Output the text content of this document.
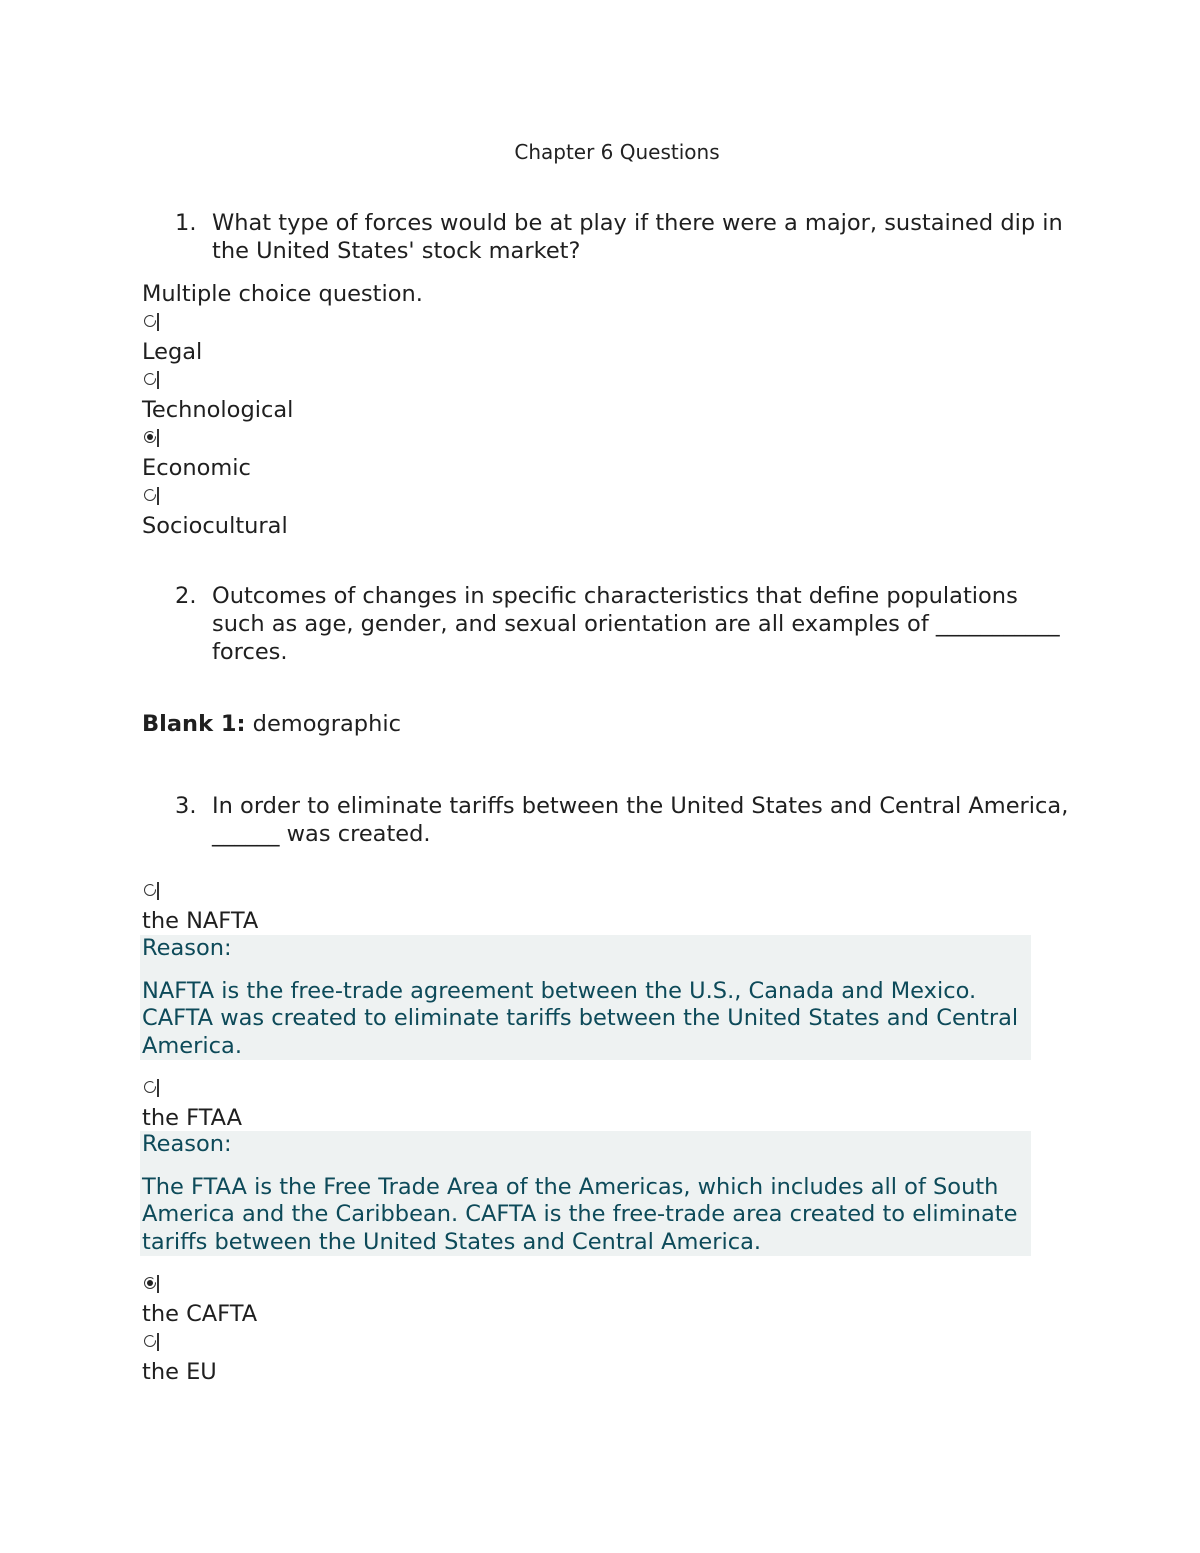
Chapter 6 Questions
1. What type of forces would be at play if there were a major, sustained dip in the United States' stock market?
Multiple choice question.
Legal
Technological
Economic
Sociocultural
2. Outcomes of changes in specific characteristics that define populations such as age, gender, and sexual orientation are all examples of ___________ forces.
Blank 1: demographic
3. In order to eliminate tariffs between the United States and Central America, ______ was created.
the NAFTA
Reason:
NAFTA is the free-trade agreement between the U.S., Canada and Mexico. CAFTA was created to eliminate tariffs between the United States and Central America.
the FTAA
Reason:
The FTAA is the Free Trade Area of the Americas, which includes all of South America and the Caribbean. CAFTA is the free-trade area created to eliminate tariffs between the United States and Central America.
the CAFTA
the EU
